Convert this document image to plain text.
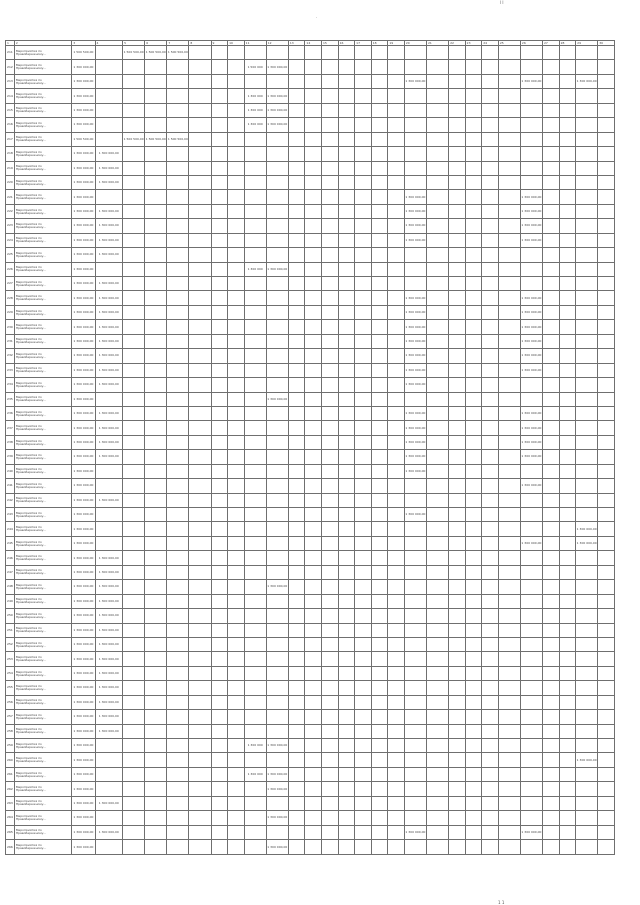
.
l l
1	2	3	4	5	6	7	8	9	10	11	12	13	14	15	16	17	18	19	20	21	22	23	24	25	26	27	28	29	30
211	Мероприятия по Правобережному...	1 500 500,00		1 500 500,00	1 500 500,00	1 500 500,00																							
212	Мероприятия по Правобережному...	1 300 000,00								1 500 000	1 300 000,00																		
213	Мероприятия по Правобережному...	1 300 000,00																	1 300 000,00						1 300 000,00			1 300 000,00	
214	Мероприятия по Правобережному...	1 300 000,00								1 300 000	1 300 000,00																		
215	Мероприятия по Правобережному...	1 300 000,00								1 300 000	1 300 000,00																		
216	Мероприятия по Правобережному...	1 300 000,00								1 300 000	1 300 000,00																		
217	Мероприятия по Правобережному...	1 500 500,00		1 500 500,00	1 500 500,00	1 500 500,00																							
218	Мероприятия по Правобережному...	1 300 000,00	1 300 000,00																										
219	Мероприятия по Правобережному...	1 300 000,00	1 300 000,00																										
220	Мероприятия по Правобережному...	1 300 000,00	1 300 000,00																										
221	Мероприятия по Правобережному...	1 300 000,00																	1 300 000,00						1 300 000,00				
222	Мероприятия по Правобережному...	1 300 000,00	1 300 000,00																1 300 000,00						1 300 000,00				
223	Мероприятия по Правобережному...	1 300 000,00	1 300 000,00																1 300 000,00						1 300 000,00				
224	Мероприятия по Правобережному...	1 300 000,00	1 300 000,00																1 300 000,00						1 300 000,00				
225	Мероприятия по Правобережному...	1 300 000,00	1 300 000,00																										
226	Мероприятия по Правобережному...	1 300 000,00								1 300 000	1 300 000,00																		
227	Мероприятия по Правобережному...	1 300 000,00	1 300 000,00																										
228	Мероприятия по Правобережному...	1 300 000,00	1 300 000,00																1 300 000,00						1 300 000,00				
229	Мероприятия по Правобережному...	1 300 000,00	1 300 000,00																1 300 000,00						1 300 000,00				
230	Мероприятия по Правобережному...	1 300 000,00	1 300 000,00																1 300 000,00						1 300 000,00				
231	Мероприятия по Правобережному...	1 300 000,00	1 300 000,00																1 300 000,00						1 300 000,00				
232	Мероприятия по Правобережному...	1 300 000,00	1 300 000,00																1 300 000,00						1 300 000,00				
233	Мероприятия по Правобережному...	1 300 000,00	1 300 000,00																1 300 000,00						1 300 000,00				
234	Мероприятия по Правобережному...	1 300 000,00	1 300 000,00																1 300 000,00										
235	Мероприятия по Правобережному...	1 300 000,00									1 300 000,00																		
236	Мероприятия по Правобережному...	1 300 000,00	1 300 000,00																1 300 000,00						1 300 000,00				
237	Мероприятия по Правобережному...	1 300 000,00	1 300 000,00																1 300 000,00						1 300 000,00				
238	Мероприятия по Правобережному...	1 300 000,00	1 300 000,00																1 300 000,00						1 300 000,00				
239	Мероприятия по Правобережному...	1 300 000,00	1 300 000,00																1 300 000,00						1 300 000,00				
240	Мероприятия по Правобережному...	1 300 000,00																	1 300 000,00										
241	Мероприятия по Правобережному...	1 300 000,00																							1 300 000,00				
242	Мероприятия по Правобережному...	1 300 000,00	1 300 000,00																										
243	Мероприятия по Правобережному...	1 300 000,00																	1 300 000,00										
244	Мероприятия по Правобережному...	1 300 000,00																										1 300 000,00	
245	Мероприятия по Правобережному...	1 300 000,00																							1 300 000,00			1 300 000,00	
246	Мероприятия по Правобережному...	1 300 000,00	1 300 000,00																										
247	Мероприятия по Правобережному...	1 300 000,00	1 300 000,00																										
248	Мероприятия по Правобережному...	1 300 000,00	1 300 000,00								1 300 000,00																		
249	Мероприятия по Правобережному...	1 300 000,00	1 300 000,00																										
250	Мероприятия по Правобережному...	1 300 000,00	1 300 000,00																										
251	Мероприятия по Правобережному...	1 300 000,00	1 300 000,00																										
252	Мероприятия по Правобережному...	1 300 000,00	1 300 000,00																										
253	Мероприятия по Правобережному...	1 300 000,00	1 300 000,00																										
254	Мероприятия по Правобережному...	1 300 000,00	1 300 000,00																										
255	Мероприятия по Правобережному...	1 300 000,00	1 300 000,00																										
256	Мероприятия по Правобережному...	1 300 000,00	1 300 000,00																										
257	Мероприятия по Правобережному...	1 300 000,00	1 300 000,00																										
258	Мероприятия по Правобережному...	1 300 000,00	1 300 000,00																										
259	Мероприятия по Правобережному...	1 300 000,00								1 300 000	1 300 000,00																		
260	Мероприятия по Правобережному...	1 300 000,00																										1 300 000,00	
261	Мероприятия по Правобережному...	1 300 000,00								1 300 000	1 300 000,00																		
262	Мероприятия по Правобережному...	1 300 000,00									1 300 000,00																		
263	Мероприятия по Правобережному...	1 300 000,00	1 300 000,00																										
264	Мероприятия по Правобережному...	1 300 000,00									1 300 000,00																		
265	Мероприятия по Правобережному...	1 300 000,00	1 300 000,00																1 300 000,00						1 300 000,00				
266	Мероприятия по Правобережному...	1 300 000,00									1 300 000,00																		
1 1
